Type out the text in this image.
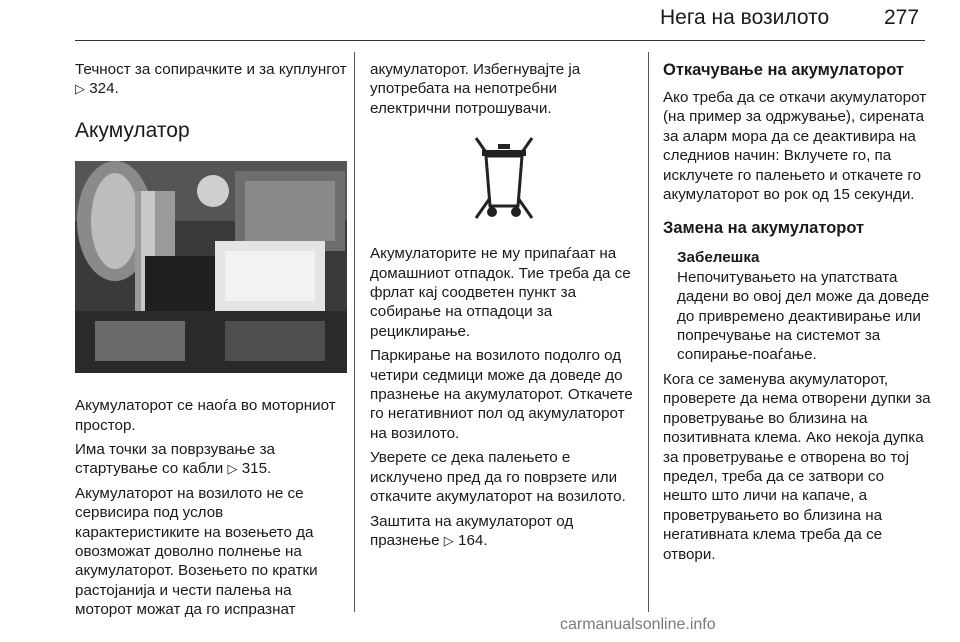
Нега на возилото	277

Течност за сопирачките и за куплунгот ▷ 324.

Акумулатор

Акумулаторот се наоѓа во моторниот простор.

Има точки за поврзување за стартување со кабли ▷ 315.

Акумулаторот на возилото не се сервисира под услов карактеристиките на возењето да овозможат доволно полнење на акумулаторот. Возењето по кратки растојанија и чести палења на моторот можат да го испразнат

акумулаторот. Избегнувајте ја употребата на непотребни електрични потрошувачи.

Акумулаторите не му припаѓаат на домашниот отпадок. Тие треба да се фрлат кај соодветен пункт за собирање на отпадоци за рециклирање.

Паркирање на возилото подолго од четири седмици може да доведе до празнење на акумулаторот. Откачете го негативниот пол од акумулаторот на возилото.

Уверете се дека палењето е исклучено пред да го поврзете или откачите акумулаторот на возилото.

Заштита на акумулаторот од празнење ▷ 164.

Откачување на акумулаторот

Ако треба да се откачи акумулаторот (на пример за одржување), сирената за аларм мора да се деактивира на следниов начин: Вклучете го, па исклучете го палењето и откачете го акумулаторот во рок од 15 секунди.

Замена на акумулаторот
Забелешка

Непочитувањето на упатствата дадени во овој дел може да доведе до привремено деактивирање или попречување на системот за сопирање-поаѓање.

Кога се заменува акумулаторот, проверете да нема отворени дупки за проветрување во близина на позитивната клема. Ако некоја дупка за проветрување е отворена во тој предел, треба да се затвори со нешто што личи на капаче, а проветрувањето во близина на негативната клема треба да се отвори.

carmanualsonline.info
